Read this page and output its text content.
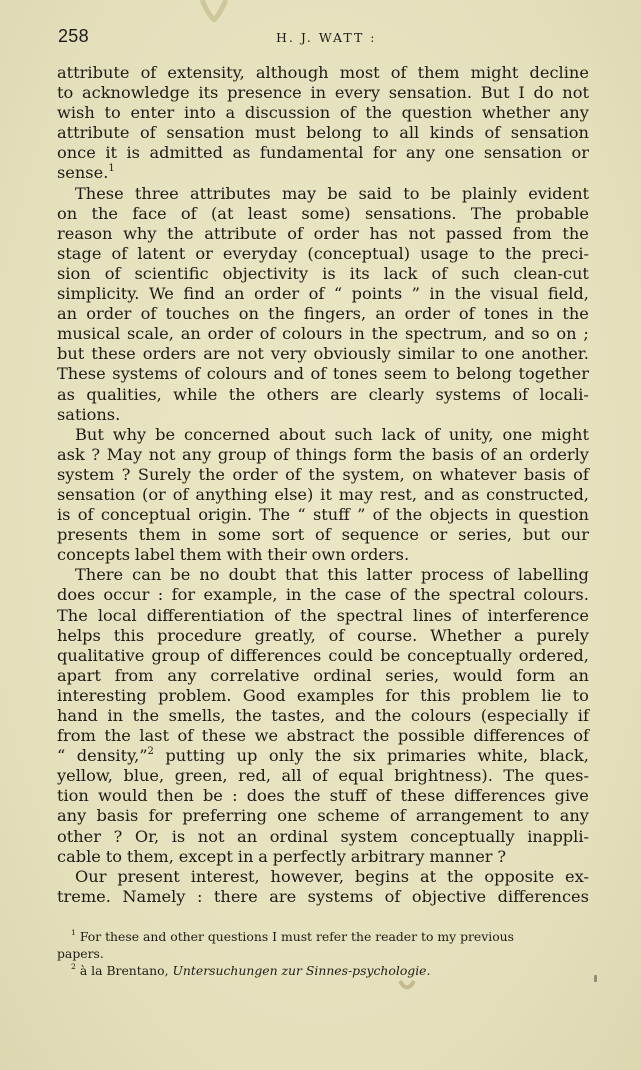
258	H. J. WATT :
attribute of extensity, although most of them might decline
to acknowledge its presence in every sensation. But I do not
wish to enter into a discussion of the question whether any
attribute of sensation must belong to all kinds of sensation
once it is admitted as fundamental for any one sensation or
sense.$^1$
These three attributes may be said to be plainly evident
on the face of (at least some) sensations. The probable
reason why the attribute of order has not passed from the
stage of latent or everyday (conceptual) usage to the preci-
sion of scientific objectivity is its lack of such clean-cut
simplicity. We find an order of “ points ” in the visual field,
an order of touches on the fingers, an order of tones in the
musical scale, an order of colours in the spectrum, and so on ;
but these orders are not very obviously similar to one another.
These systems of colours and of tones seem to belong together
as qualities, while the others are clearly systems of locali-
sations.
But why be concerned about such lack of unity, one might
ask ? May not any group of things form the basis of an orderly
system ? Surely the order of the system, on whatever basis of
sensation (or of anything else) it may rest, and as constructed,
is of conceptual origin. The “ stuff ” of the objects in question
presents them in some sort of sequence or series, but our
concepts label them with their own orders.
There can be no doubt that this latter process of labelling
does occur : for example, in the case of the spectral colours.
The local differentiation of the spectral lines of interference
helps this procedure greatly, of course. Whether a purely
qualitative group of differences could be conceptually ordered,
apart from any correlative ordinal series, would form an
interesting problem. Good examples for this problem lie to
hand in the smells, the tastes, and the colours (especially if
from the last of these we abstract the possible differences of
“ density,”$^2$ putting up only the six primaries white, black,
yellow, blue, green, red, all of equal brightness). The ques-
tion would then be : does the stuff of these differences give
any basis for preferring one scheme of arrangement to any
other ? Or, is not an ordinal system conceptually inappli-
cable to them, except in a perfectly arbitrary manner ?
Our present interest, however, begins at the opposite ex-
treme. Namely : there are systems of objective differences
$^1$ For these and other questions I must refer the reader to my previous
papers.
$^2$ à la Brentano, Untersuchungen zur Sinnes-psychologie.
